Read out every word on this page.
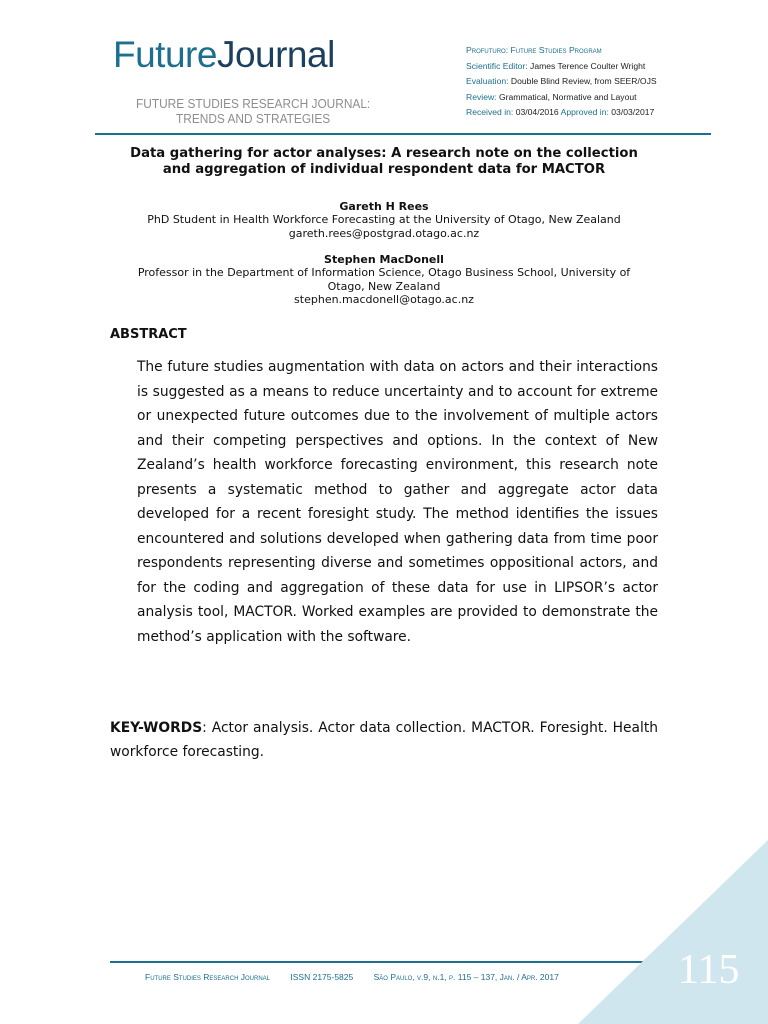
FutureJournal
FUTURE STUDIES RESEARCH JOURNAL:
TRENDS AND STRATEGIES
Profuturo: Future Studies Program
Scientific Editor: James Terence Coulter Wright
Evaluation: Double Blind Review, from SEER/OJS
Review: Grammatical, Normative and Layout
Received in: 03/04/2016 Approved in: 03/03/2017
Data gathering for actor analyses: A research note on the collection
and aggregation of individual respondent data for MACTOR
Gareth H Rees
PhD Student in Health Workforce Forecasting at the University of Otago, New Zealand
gareth.rees@postgrad.otago.ac.nz
Stephen MacDonell
Professor in the Department of Information Science, Otago Business School, University of
Otago, New Zealand
stephen.macdonell@otago.ac.nz
ABSTRACT
The future studies augmentation with data on actors and their interactions is suggested as a means to reduce uncertainty and to account for extreme or unexpected future outcomes due to the involvement of multiple actors and their competing perspectives and options. In the context of New Zealand’s health workforce forecasting environment, this research note presents a systematic method to gather and aggregate actor data developed for a recent foresight study. The method identifies the issues encountered and solutions developed when gathering data from time poor respondents representing diverse and sometimes oppositional actors, and for the coding and aggregation of these data for use in LIPSOR’s actor analysis tool, MACTOR. Worked examples are provided to demonstrate the method’s application with the software.
KEY-WORDS: Actor analysis. Actor data collection. MACTOR. Foresight. Health workforce forecasting.
Future Studies Research Journal ISSN 2175-5825 São Paulo, v.9, n.1, p. 115 – 137, Jan. / Apr. 2017	115
